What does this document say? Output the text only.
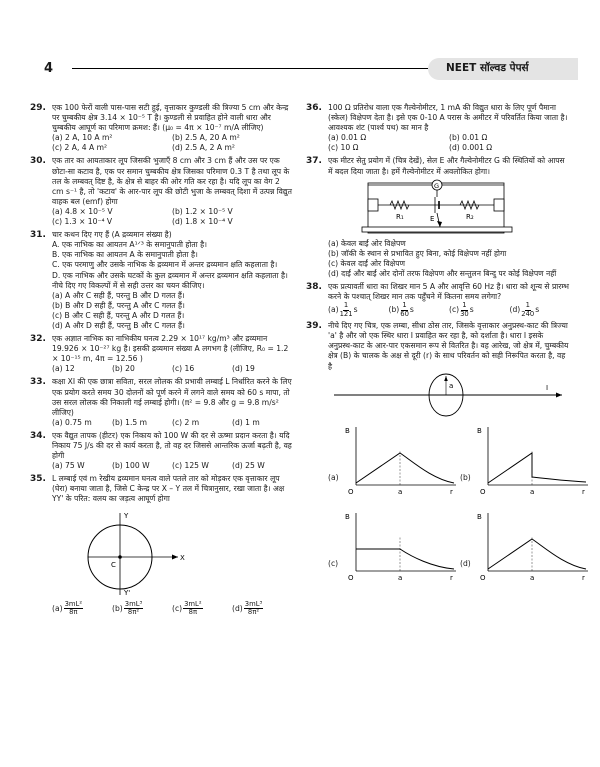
4	NEET सॉल्वड पेपर्स
29. एक 100 फेरों वाली पास-पास सटी हुई, वृत्ताकार कुण्डली की त्रिज्या 5 cm और केन्द्र पर चुम्बकीय क्षेत्र 3.14 × 10⁻⁵ T है। कुण्डली से प्रवाहित होने वाली धारा और चुम्बकीय आघूर्ण का परिमाण क्रमश: हैं। (μ₀ = 4π × 10⁻⁷ m/A लीजिए)
(a) 2 A, 10 A m²	(b) 2.5 A, 20 A m²
(c) 2 A, 4 A m²	(d) 2.5 A, 2 A m²
30. एक तार का आयताकार लूप जिसकी भुजाएँ 8 cm और 3 cm हैं और उस पर एक छोटा-सा कटाव है, एक पर समान चुम्बकीय क्षेत्र जिसका परिमाण 0.3 T है तथा लूप के तल के लम्बवत् दिष्ट है, के क्षेत्र से बाहर की ओर गति कर रहा है। यदि लूप का वेग 2 cm s⁻¹ है, तो 'कटाव' के आर-पार लूप की छोटी भुजा के लम्बवत् दिशा में उत्पन्न विद्युत वाहक बल (emf) होगा
(a) 4.8 × 10⁻⁵ V	(b) 1.2 × 10⁻⁵ V
(c) 1.3 × 10⁻⁴ V	(d) 1.8 × 10⁻⁴ V
31. चार कथन दिए गए हैं (A द्रव्यमान संख्या है)
A. एक नाभिक का आयतन A¹ᐟ³ के समानुपाती होता है।
B. एक नाभिक का आयतन A के समानुपाती होता है।
C. एक परमाणु और उसके नाभिक के द्रव्यमान में अन्तर द्रव्यमान क्षति कहलाता है।
D. एक नाभिक और उसके घटकों के कुल द्रव्यमान में अन्तर द्रव्यमान क्षति कहलाता है।
नीचे दिए गए विकल्पों में से सही उत्तर का चयन कीजिए।
(a) A और C सही हैं, परन्तु B और D गलत हैं।
(b) B और D सही हैं, परन्तु A और C गलत हैं।
(c) B और C सही हैं, परन्तु A और D गलत हैं।
(d) A और D सही हैं, परन्तु B और C गलत हैं।
32. एक अज्ञात नाभिक का नाभिकीय घनत्व 2.29 × 10¹⁷ kg/m³ और द्रव्यमान 19.926 × 10⁻²⁷ kg है। इसकी द्रव्यमान संख्या A लगभग है (लीजिए, R₀ = 1.2 × 10⁻¹⁵ m, 4π = 12.56 )
(a) 12	(b) 20	(c) 16	(d) 19
33. कक्षा XI की एक छात्रा सविता, सरल लोलक की प्रभावी लम्बाई L निर्धारित करने के लिए एक प्रयोग करते समय 30 दोलनों को पूर्ण करने में लगने वाले समय को 60 s मापा, तो उस सरल लोलक की निकाली गई लम्बाई होगी। (π² = 9.8 और g = 9.8 m/s² लीजिए)
(a) 0.75 m	(b) 1.5 m	(c) 2 m	(d) 1 m
34. एक वैद्युत तापक (हीटर) एक निकाय को 100 W की दर से ऊष्मा प्रदान करता है। यदि निकाय 75 J/s की दर से कार्य करता है, तो वह दर जिससे आन्तरिक ऊर्जा बढ़ती है, वह होगी
(a) 75 W	(b) 100 W	(c) 125 W	(d) 25 W
35. L लम्बाई एवं m रेखीय द्रव्यमान घनत्व वाले पतले तार को मोड़कर एक वृत्ताकार लूप (घेरा) बनाया जाता है, जिसे C केन्द्र पर X – Y तल में चित्रानुसार, रखा जाता है। अक्ष YY' के परित: वलय का जड़त्व आघूर्ण होगा
Y
X
C
Y'
$(a) \frac{\text{3mL²}}{8\pi}$	$(b) \frac{\text{3mL³}}{\text{8π²}}$	$(c) \frac{\text{3mL²}}{8\pi}$	$(d) \frac{\text{3mL³}}{\text{8π²}}$
36. 100 Ω प्रतिरोध वाला एक गैल्वेनोमीटर, 1 mA की विद्युत धारा के लिए पूर्ण पैमाना (स्केल) विक्षेपण देता है। इसे एक 0-10 A परास के अमीटर में परिवर्तित किया जाता है। आवश्यक शंट (पार्श्व पथ) का मान है
(a) 0.01 Ω	(b) 0.01 Ω
(c) 10 Ω	(d) 0.001 Ω
37. एक मीटर सेतु प्रयोग में (चित्र देखें), सेल E और गैल्वेनोमीटर G की स्थितियों को आपस में बदल दिया जाता है। हमें गैल्वेनोमीटर में अवलोकित होगा।
G
R₁	R₂
E
(a) केवल बाईं ओर विक्षेपण
(b) जॉकी के स्थान से प्रभावित हुए बिना, कोई विक्षेपण नहीं होगा
(c) केवल दाईं ओर विक्षेपण
(d) दाईं और बाईं ओर दोनों तरफ विक्षेपण और सन्तुलन बिन्दु पर कोई विक्षेपण नहीं
38. एक प्रत्यावर्ती धारा का शिखर मान 5 A और आवृत्ति 60 Hz है। धारा को शून्य से प्रारम्भ करने के पश्चात् शिखर मान तक पहुँचने में कितना समय लगेगा?
$(a) \frac{1}{121}$ s	$(b) \frac{1}{60}$ s	$(c) \frac{1}{30}$ s	$(d) \frac{1}{240}$ s
39. नीचे दिए गए चित्र, एक लम्बा, सीधा ठोस तार, जिसके वृत्ताकार अनुप्रस्थ-काट की त्रिज्या 'a' है और जो एक स्थिर धारा I प्रवाहित कर रहा है, को दर्शाता है। धारा I इसके अनुप्रस्थ-काट के आर-पार एकसमान रूप से वितरित है। वह आरेख, जो क्षेत्र में, चुम्बकीय क्षेत्र (B) के चालक के अक्ष से दूरी (r) के साथ परिवर्तन को सही निरूपित करता है, वह है
a	I
(a)
B
O	a	r
(b)
B
O	a	r
(c)
B
O	a	r
(d)
B
O	a	r
